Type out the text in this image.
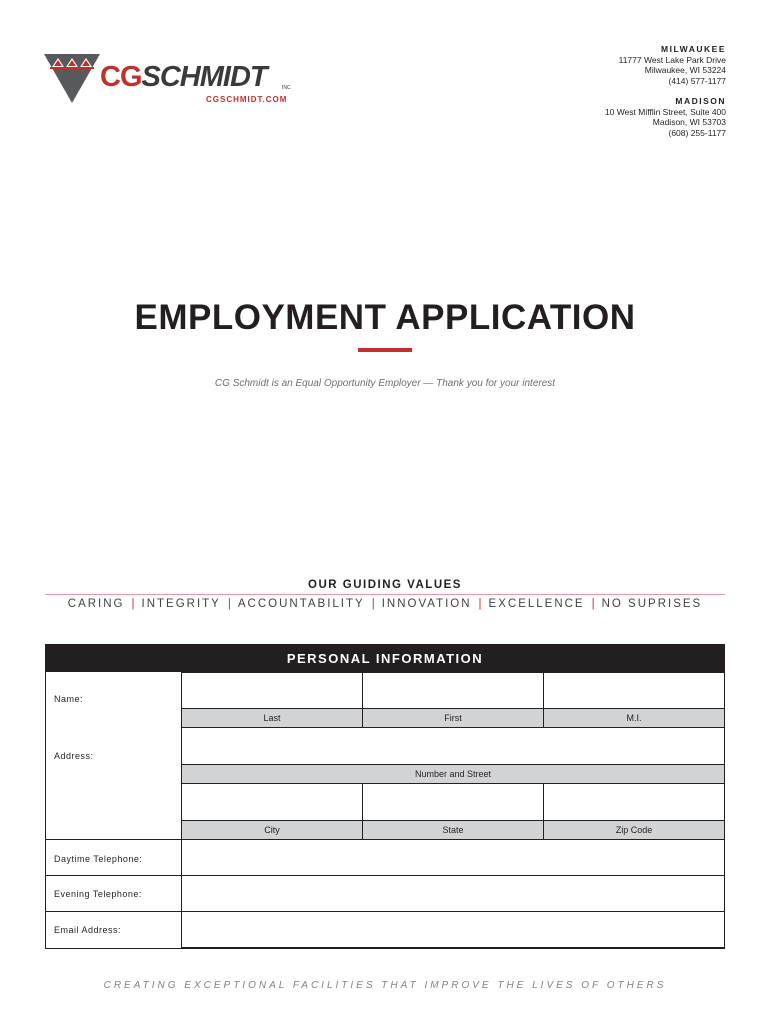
CGSCHMIDT	INC
CGSCHMIDT.COM
MILWAUKEE
11777 West Lake Park Drive
Milwaukee, WI 53224
(414) 577-1177
MADISON
10 West Mifflin Street, Suite 400
Madison, WI 53703
(608) 255-1177
EMPLOYMENT APPLICATION
CG Schmidt is an Equal Opportunity Employer — Thank you for your interest
OUR GUIDING VALUES
CARING | INTEGRITY | ACCOUNTABILITY | INNOVATION | EXCELLENCE | NO SUPRISES
PERSONAL INFORMATION
Name:
Last	First	M.I.
Address:
Number and Street
City	State	Zip Code
Daytime Telephone:
Evening Telephone:
Email Address:
CREATING EXCEPTIONAL FACILITIES THAT IMPROVE THE LIVES OF OTHERS
